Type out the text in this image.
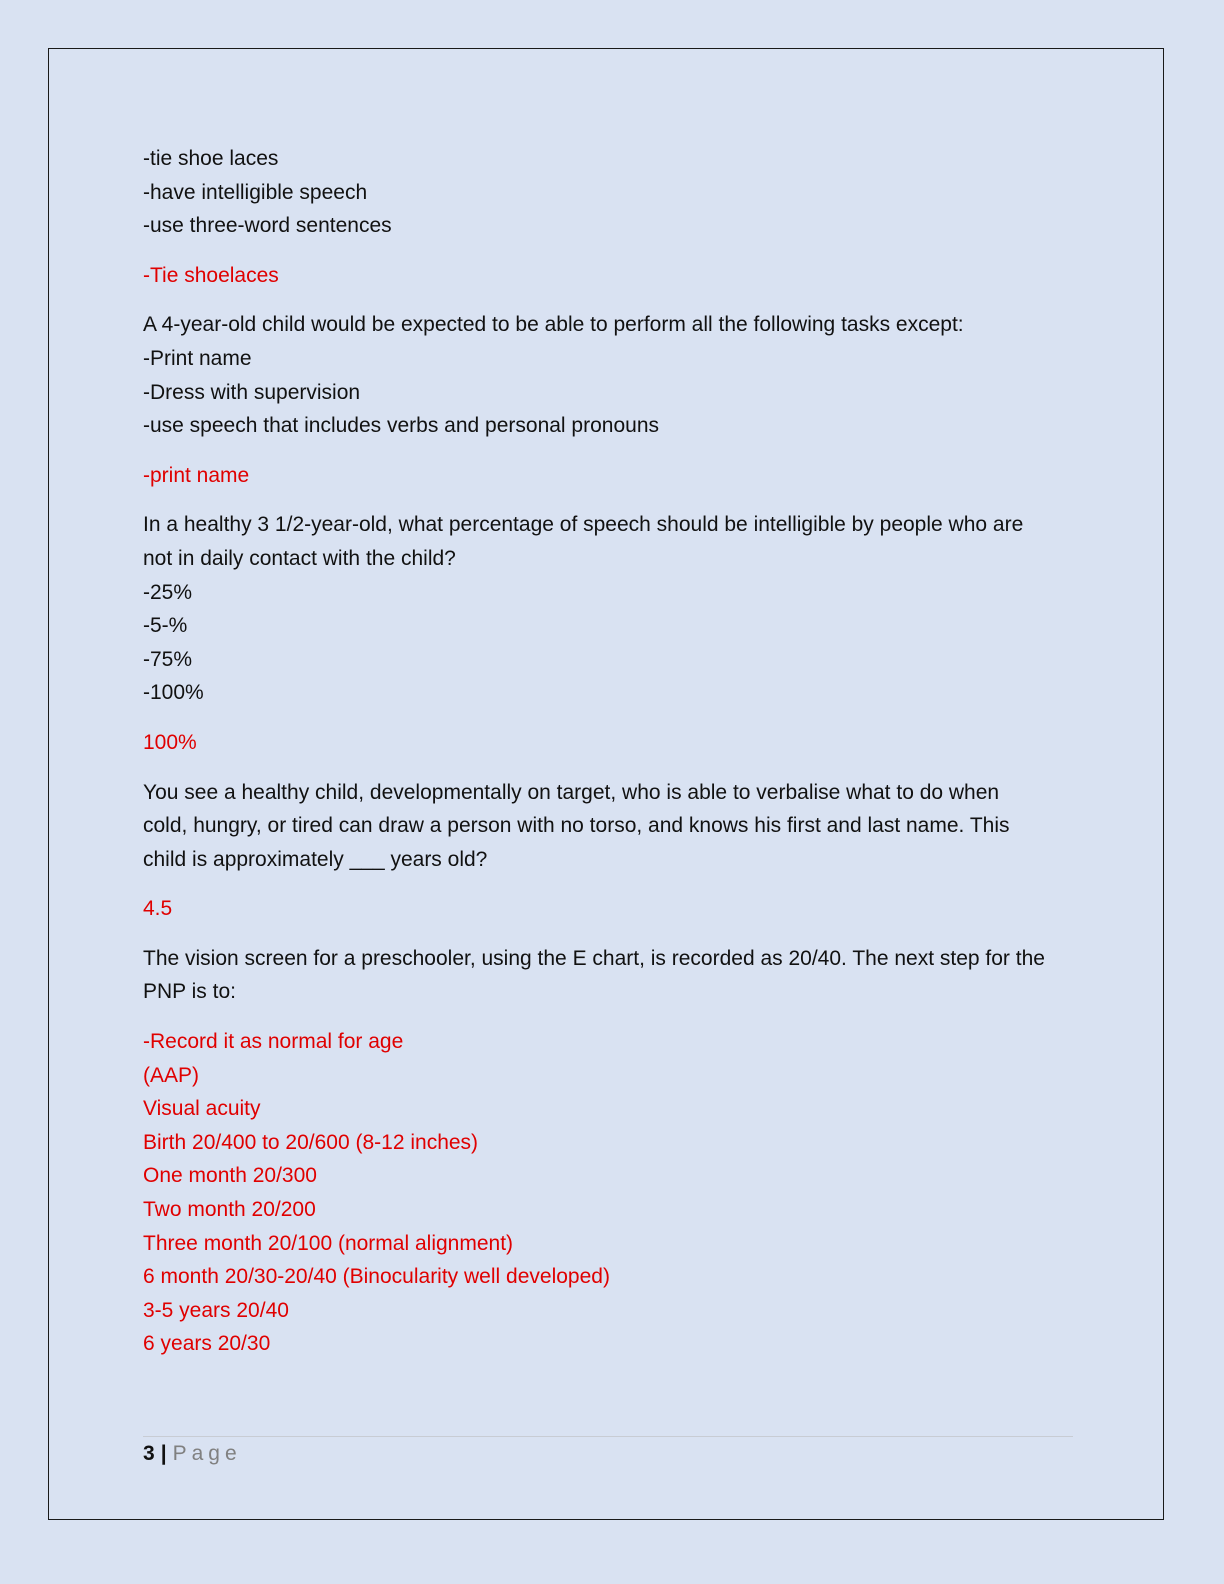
-tie shoe laces
-have intelligible speech
-use three-word sentences
-Tie shoelaces
A 4-year-old child would be expected to be able to perform all the following tasks except:
-Print name
-Dress with supervision
-use speech that includes verbs and personal pronouns
-print name
In a healthy 3 1/2-year-old, what percentage of speech should be intelligible by people who are
not in daily contact with the child?
-25%
-5-%
-75%
-100%
100%
You see a healthy child, developmentally on target, who is able to verbalise what to do when
cold, hungry, or tired can draw a person with no torso, and knows his first and last name. This
child is approximately ___ years old?
4.5
The vision screen for a preschooler, using the E chart, is recorded as 20/40. The next step for the
PNP is to:
-Record it as normal for age
(AAP)
Visual acuity
Birth 20/400 to 20/600 (8-12 inches)
One month 20/300
Two month 20/200
Three month 20/100 (normal alignment)
6 month 20/30-20/40 (Binocularity well developed)
3-5 years 20/40
6 years 20/30
3 | Page
